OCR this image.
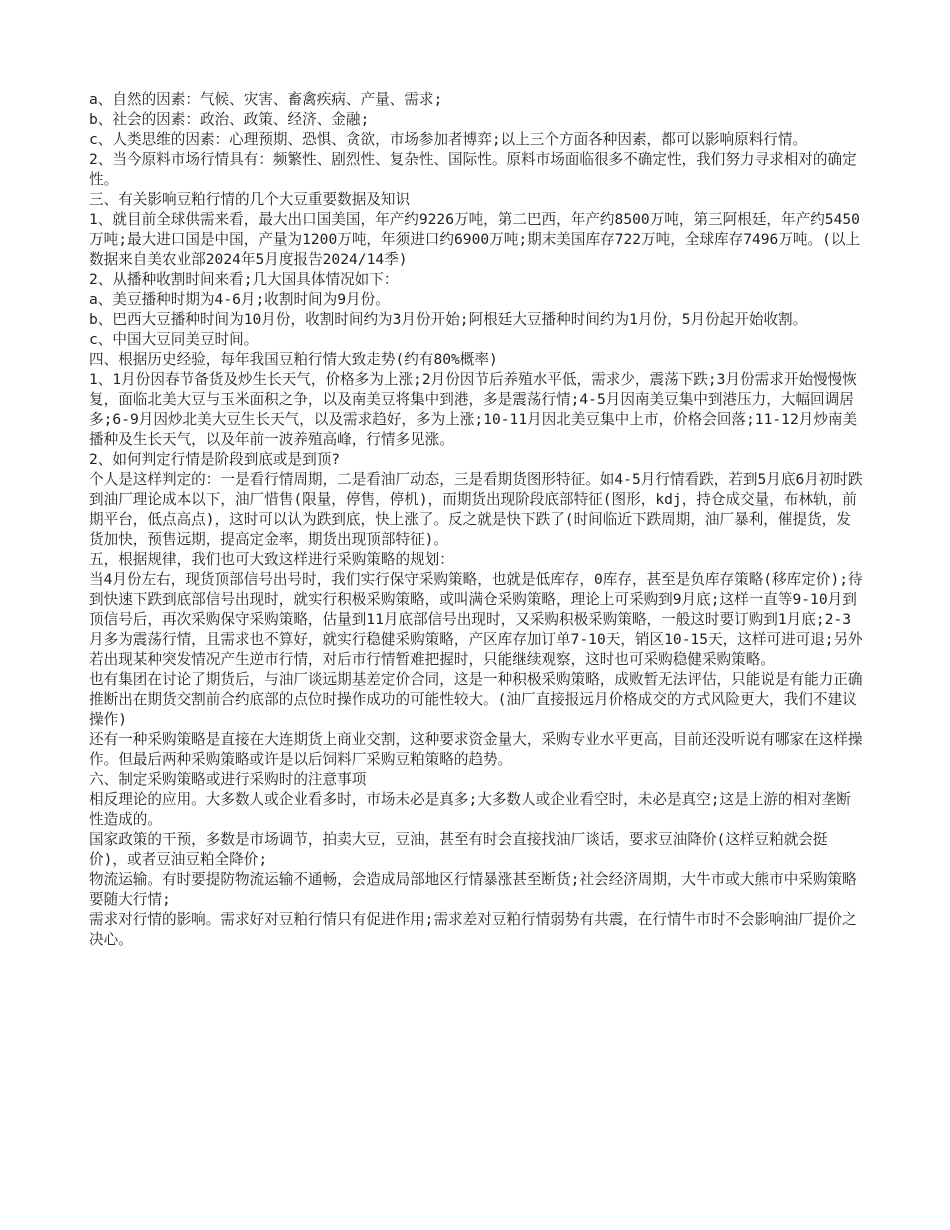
a、自然的因素：气候、灾害、畜禽疾病、产量、需求;

b、社会的因素：政治、政策、经济、金融;

c、人类思维的因素：心理预期、恐惧、贪欲，市场参加者博弈;以上三个方面各种因素，都可以影响原料行情。

2、当今原料市场行情具有：频繁性、剧烈性、复杂性、国际性。原料市场面临很多不确定性，我们努力寻求相对的确定性。

三、有关影响豆粕行情的几个大豆重要数据及知识

1、就目前全球供需来看，最大出口国美国，年产约9226万吨，第二巴西，年产约8500万吨，第三阿根廷，年产约5450万吨;最大进口国是中国，产量为1200万吨，年须进口约6900万吨;期末美国库存722万吨，全球库存7496万吨。(以上数据来自美农业部2024年5月度报告2024/14季)

2、从播种收割时间来看;几大国具体情况如下：

a、美豆播种时期为4-6月;收割时间为9月份。

b、巴西大豆播种时间为10月份，收割时间约为3月份开始;阿根廷大豆播种时间约为1月份，5月份起开始收割。

c、中国大豆同美豆时间。

四、根据历史经验，每年我国豆粕行情大致走势(约有80%概率)

1、1月份因春节备货及炒生长天气，价格多为上涨;2月份因节后养殖水平低，需求少，震荡下跌;3月份需求开始慢慢恢复，面临北美大豆与玉米面积之争，以及南美豆将集中到港，多是震荡行情;4-5月因南美豆集中到港压力，大幅回调居多;6-9月因炒北美大豆生长天气，以及需求趋好，多为上涨;10-11月因北美豆集中上市，价格会回落;11-12月炒南美播种及生长天气，以及年前一波养殖高峰，行情多见涨。

2、如何判定行情是阶段到底或是到顶?

个人是这样判定的：一是看行情周期，二是看油厂动态，三是看期货图形特征。如4-5月行情看跌，若到5月底6月初时跌到油厂理论成本以下，油厂惜售(限量，停售，停机)，而期货出现阶段底部特征(图形，kdj，持仓成交量，布林轨，前期平台，低点高点)，这时可以认为跌到底，快上涨了。反之就是快下跌了(时间临近下跌周期，油厂暴利，催提货，发货加快，预售远期，提高定金率，期货出现顶部特征)。

五，根据规律，我们也可大致这样进行采购策略的规划：

当4月份左右，现货顶部信号出号时，我们实行保守采购策略，也就是低库存，0库存，甚至是负库存策略(移库定价);待到快速下跌到底部信号出现时，就实行积极采购策略，或叫满仓采购策略，理论上可采购到9月底;这样一直等9-10月到顶信号后，再次采购保守采购策略，估量到11月底部信号出现时，又采购积极采购策略，一般这时要订购到1月底;2-3月多为震荡行情，且需求也不算好，就实行稳健采购策略，产区库存加订单7-10天，销区10-15天，这样可进可退;另外若出现某种突发情况产生逆市行情，对后市行情暂难把握时，只能继续观察，这时也可采购稳健采购策略。

也有集团在讨论了期货后，与油厂谈远期基差定价合同，这是一种积极采购策略，成败暂无法评估，只能说是有能力正确推断出在期货交割前合约底部的点位时操作成功的可能性较大。(油厂直接报远月价格成交的方式风险更大，我们不建议操作)

还有一种采购策略是直接在大连期货上商业交割，这种要求资金量大，采购专业水平更高，目前还没听说有哪家在这样操作。但最后两种采购策略或许是以后饲料厂采购豆粕策略的趋势。

六、制定采购策略或进行采购时的注意事项

相反理论的应用。大多数人或企业看多时，市场未必是真多;大多数人或企业看空时，未必是真空;这是上游的相对垄断性造成的。

国家政策的干预，多数是市场调节，拍卖大豆，豆油，甚至有时会直接找油厂谈话，要求豆油降价(这样豆粕就会挺价)，或者豆油豆粕全降价;

物流运输。有时要提防物流运输不通畅，会造成局部地区行情暴涨甚至断货;社会经济周期，大牛市或大熊市中采购策略要随大行情;

需求对行情的影响。需求好对豆粕行情只有促进作用;需求差对豆粕行情弱势有共震，在行情牛市时不会影响油厂提价之决心。
